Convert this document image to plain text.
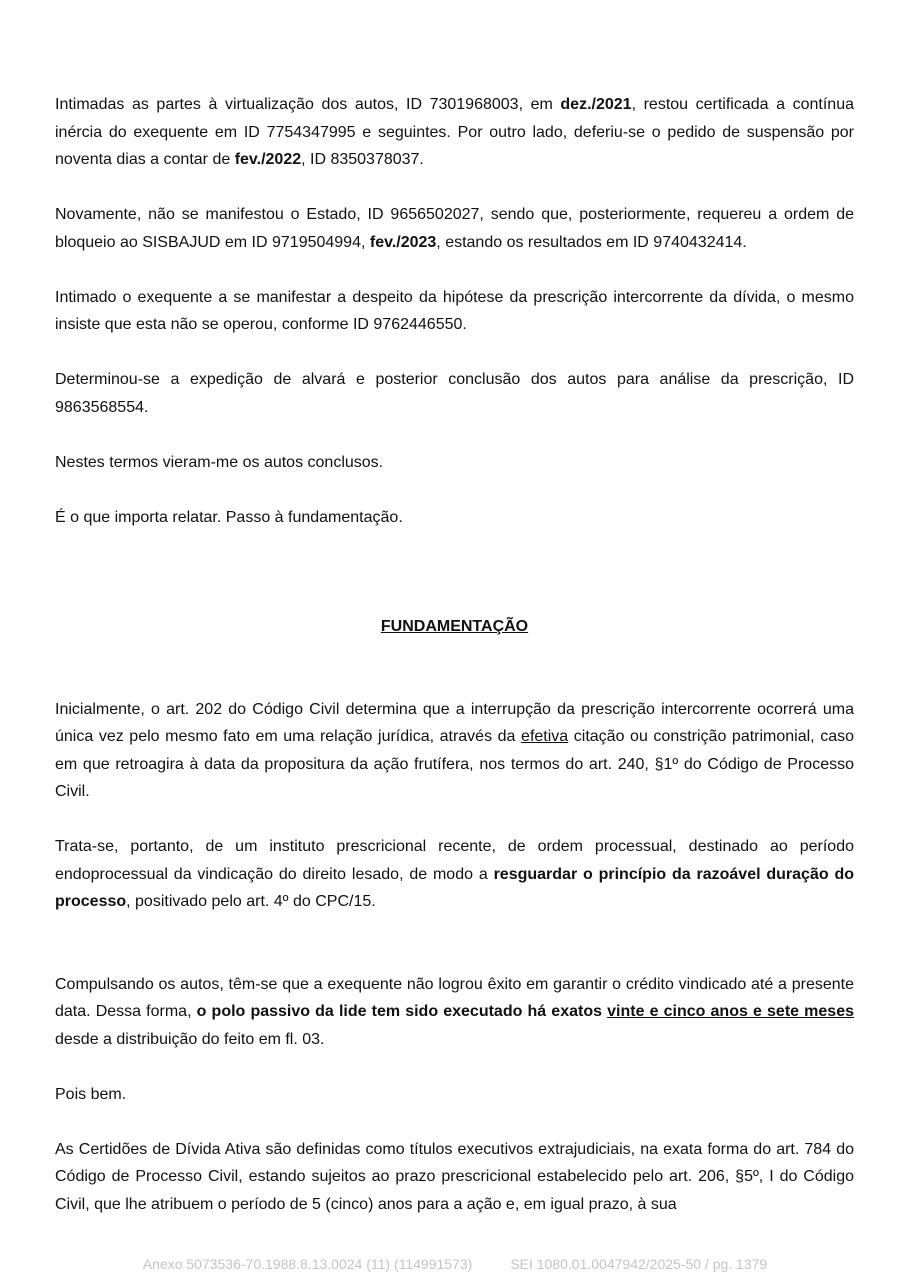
Intimadas as partes à virtualização dos autos, ID 7301968003, em dez./2021, restou certificada a contínua inércia do exequente em ID 7754347995 e seguintes. Por outro lado, deferiu-se o pedido de suspensão por noventa dias a contar de fev./2022, ID 8350378037.

Novamente, não se manifestou o Estado, ID 9656502027, sendo que, posteriormente, requereu a ordem de bloqueio ao SISBAJUD em ID 9719504994, fev./2023, estando os resultados em ID 9740432414.

Intimado o exequente a se manifestar a despeito da hipótese da prescrição intercorrente da dívida, o mesmo insiste que esta não se operou, conforme ID 9762446550.

Determinou-se a expedição de alvará e posterior conclusão dos autos para análise da prescrição, ID 9863568554.

Nestes termos vieram-me os autos conclusos.

É o que importa relatar. Passo à fundamentação.

FUNDAMENTAÇÃO

Inicialmente, o art. 202 do Código Civil determina que a interrupção da prescrição intercorrente ocorrerá uma única vez pelo mesmo fato em uma relação jurídica, através da efetiva citação ou constrição patrimonial, caso em que retroagira à data da propositura da ação frutífera, nos termos do art. 240, §1º do Código de Processo Civil.

Trata-se, portanto, de um instituto prescricional recente, de ordem processual, destinado ao período endoprocessual da vindicação do direito lesado, de modo a resguardar o princípio da razoável duração do processo, positivado pelo art. 4º do CPC/15.

Compulsando os autos, têm-se que a exequente não logrou êxito em garantir o crédito vindicado até a presente data. Dessa forma, o polo passivo da lide tem sido executado há exatos vinte e cinco anos e sete meses desde a distribuição do feito em fl. 03.

Pois bem.

As Certidões de Dívida Ativa são definidas como títulos executivos extrajudiciais, na exata forma do art. 784 do Código de Processo Civil, estando sujeitos ao prazo prescricional estabelecido pelo art. 206, §5º, I do Código Civil, que lhe atribuem o período de 5 (cinco) anos para a ação e, em igual prazo, à sua

Anexo 5073536-70.1988.8.13.0024 (11) (114991573)	SEI 1080.01.0047942/2025-50 / pg. 1379
